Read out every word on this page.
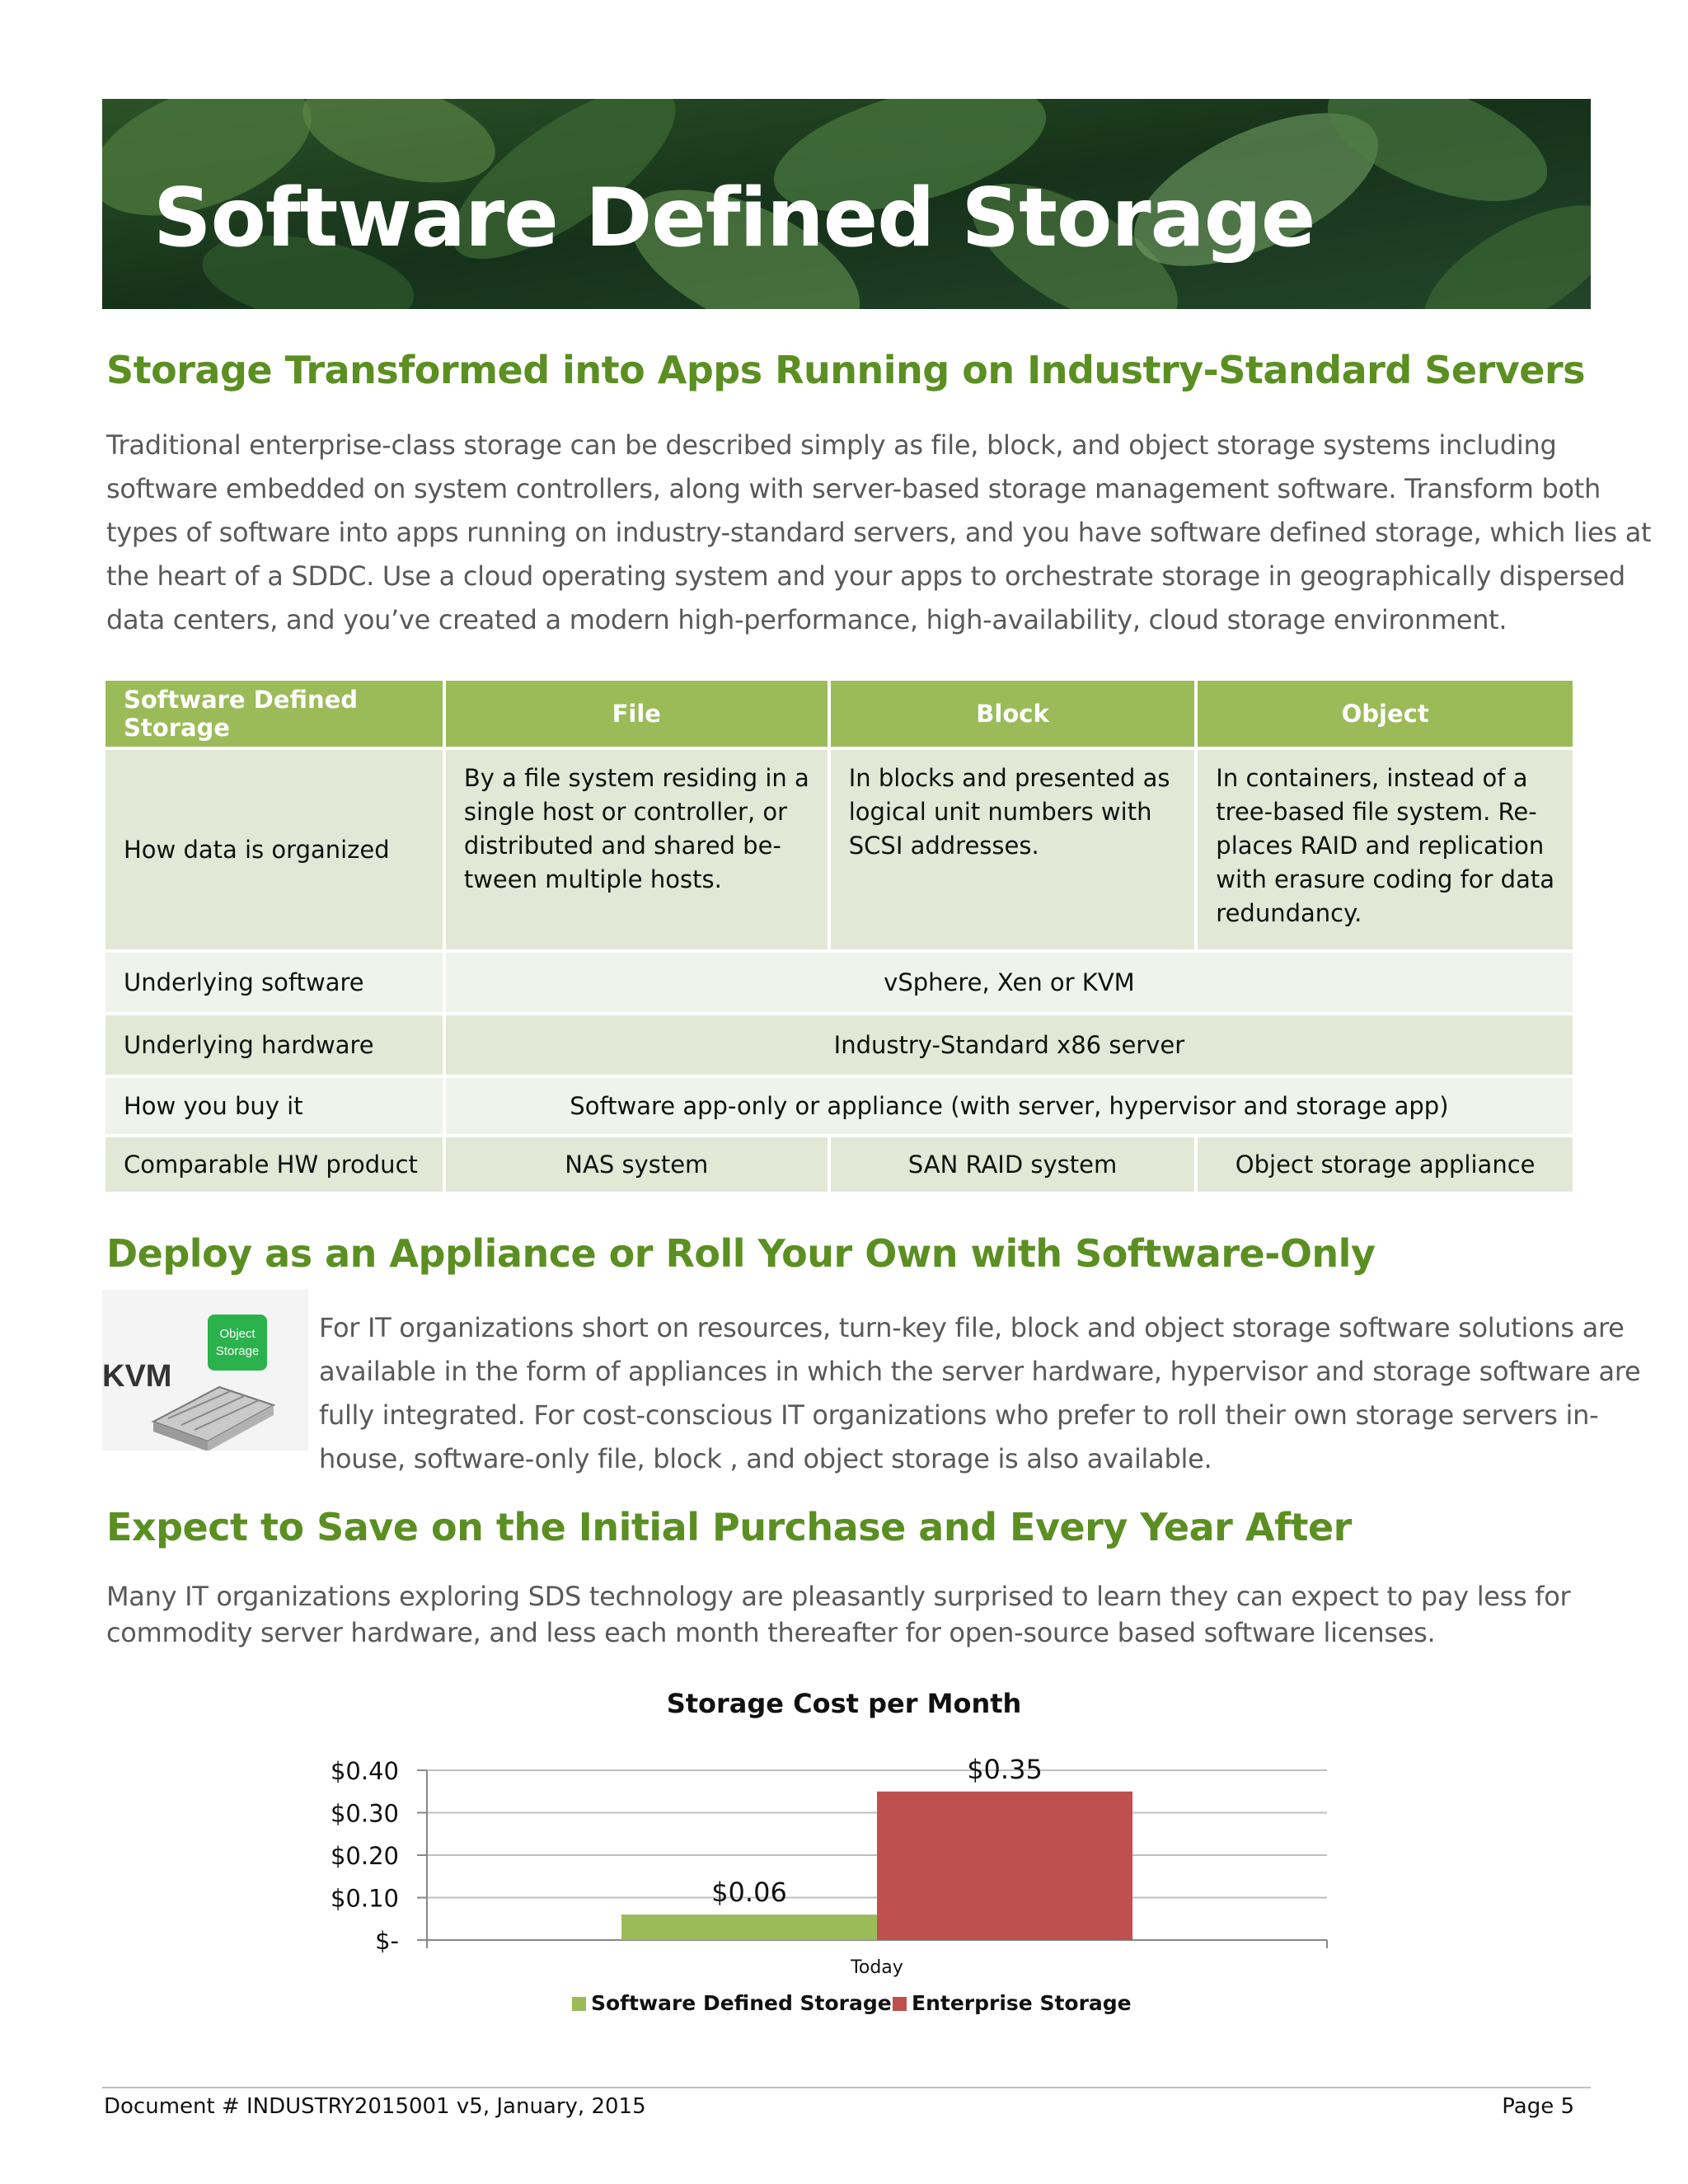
Software Defined Storage
Storage Transformed into Apps Running on Industry-Standard Servers
Traditional enterprise-class storage can be described simply as file, block, and object storage systems including
software embedded on system controllers, along with server-based storage management software. Transform both
types of software into apps running on industry-standard servers, and you have software defined storage, which lies at
the heart of a SDDC. Use a cloud operating system and your apps to orchestrate storage in geographically dispersed
data centers, and you’ve created a modern high-performance, high-availability, cloud storage environment.
Software Defined Storage	File	Block	Object
How data is organized	By a file system residing in a
single host or controller, or
distributed and shared be-
tween multiple hosts.	In blocks and presented as
logical unit numbers with
SCSI addresses.	In containers, instead of a
tree-based file system. Re-
places RAID and replication
with erasure coding for data
redundancy.

Underlying software	vSphere, Xen or KVM		
Underlying hardware	Industry-Standard x86 server		
How you buy it	Software app-only or appliance (with server, hypervisor and storage app)		
Comparable HW product	NAS system	SAN RAID system	Object storage appliance
Deploy as an Appliance or Roll Your Own with Software-Only
Object
Storage
KVM
For IT organizations short on resources, turn-key file, block and object storage software solutions are
available in the form of appliances in which the server hardware, hypervisor and storage software are
fully integrated. For cost-conscious IT organizations who prefer to roll their own storage servers in-
house, software-only file, block , and object storage is also available.
Expect to Save on the Initial Purchase and Every Year After
Many IT organizations exploring SDS technology are pleasantly surprised to learn they can expect to pay less for
commodity server hardware, and less each month thereafter for open-source based software licenses.
Storage Cost per Month
$-
$0.10
$0.20
$0.30
$0.40
$0.06
$0.35
Today
Software Defined Storage Enterprise Storage
Document # INDUSTRY2015001 v5, January, 2015	Page 5
